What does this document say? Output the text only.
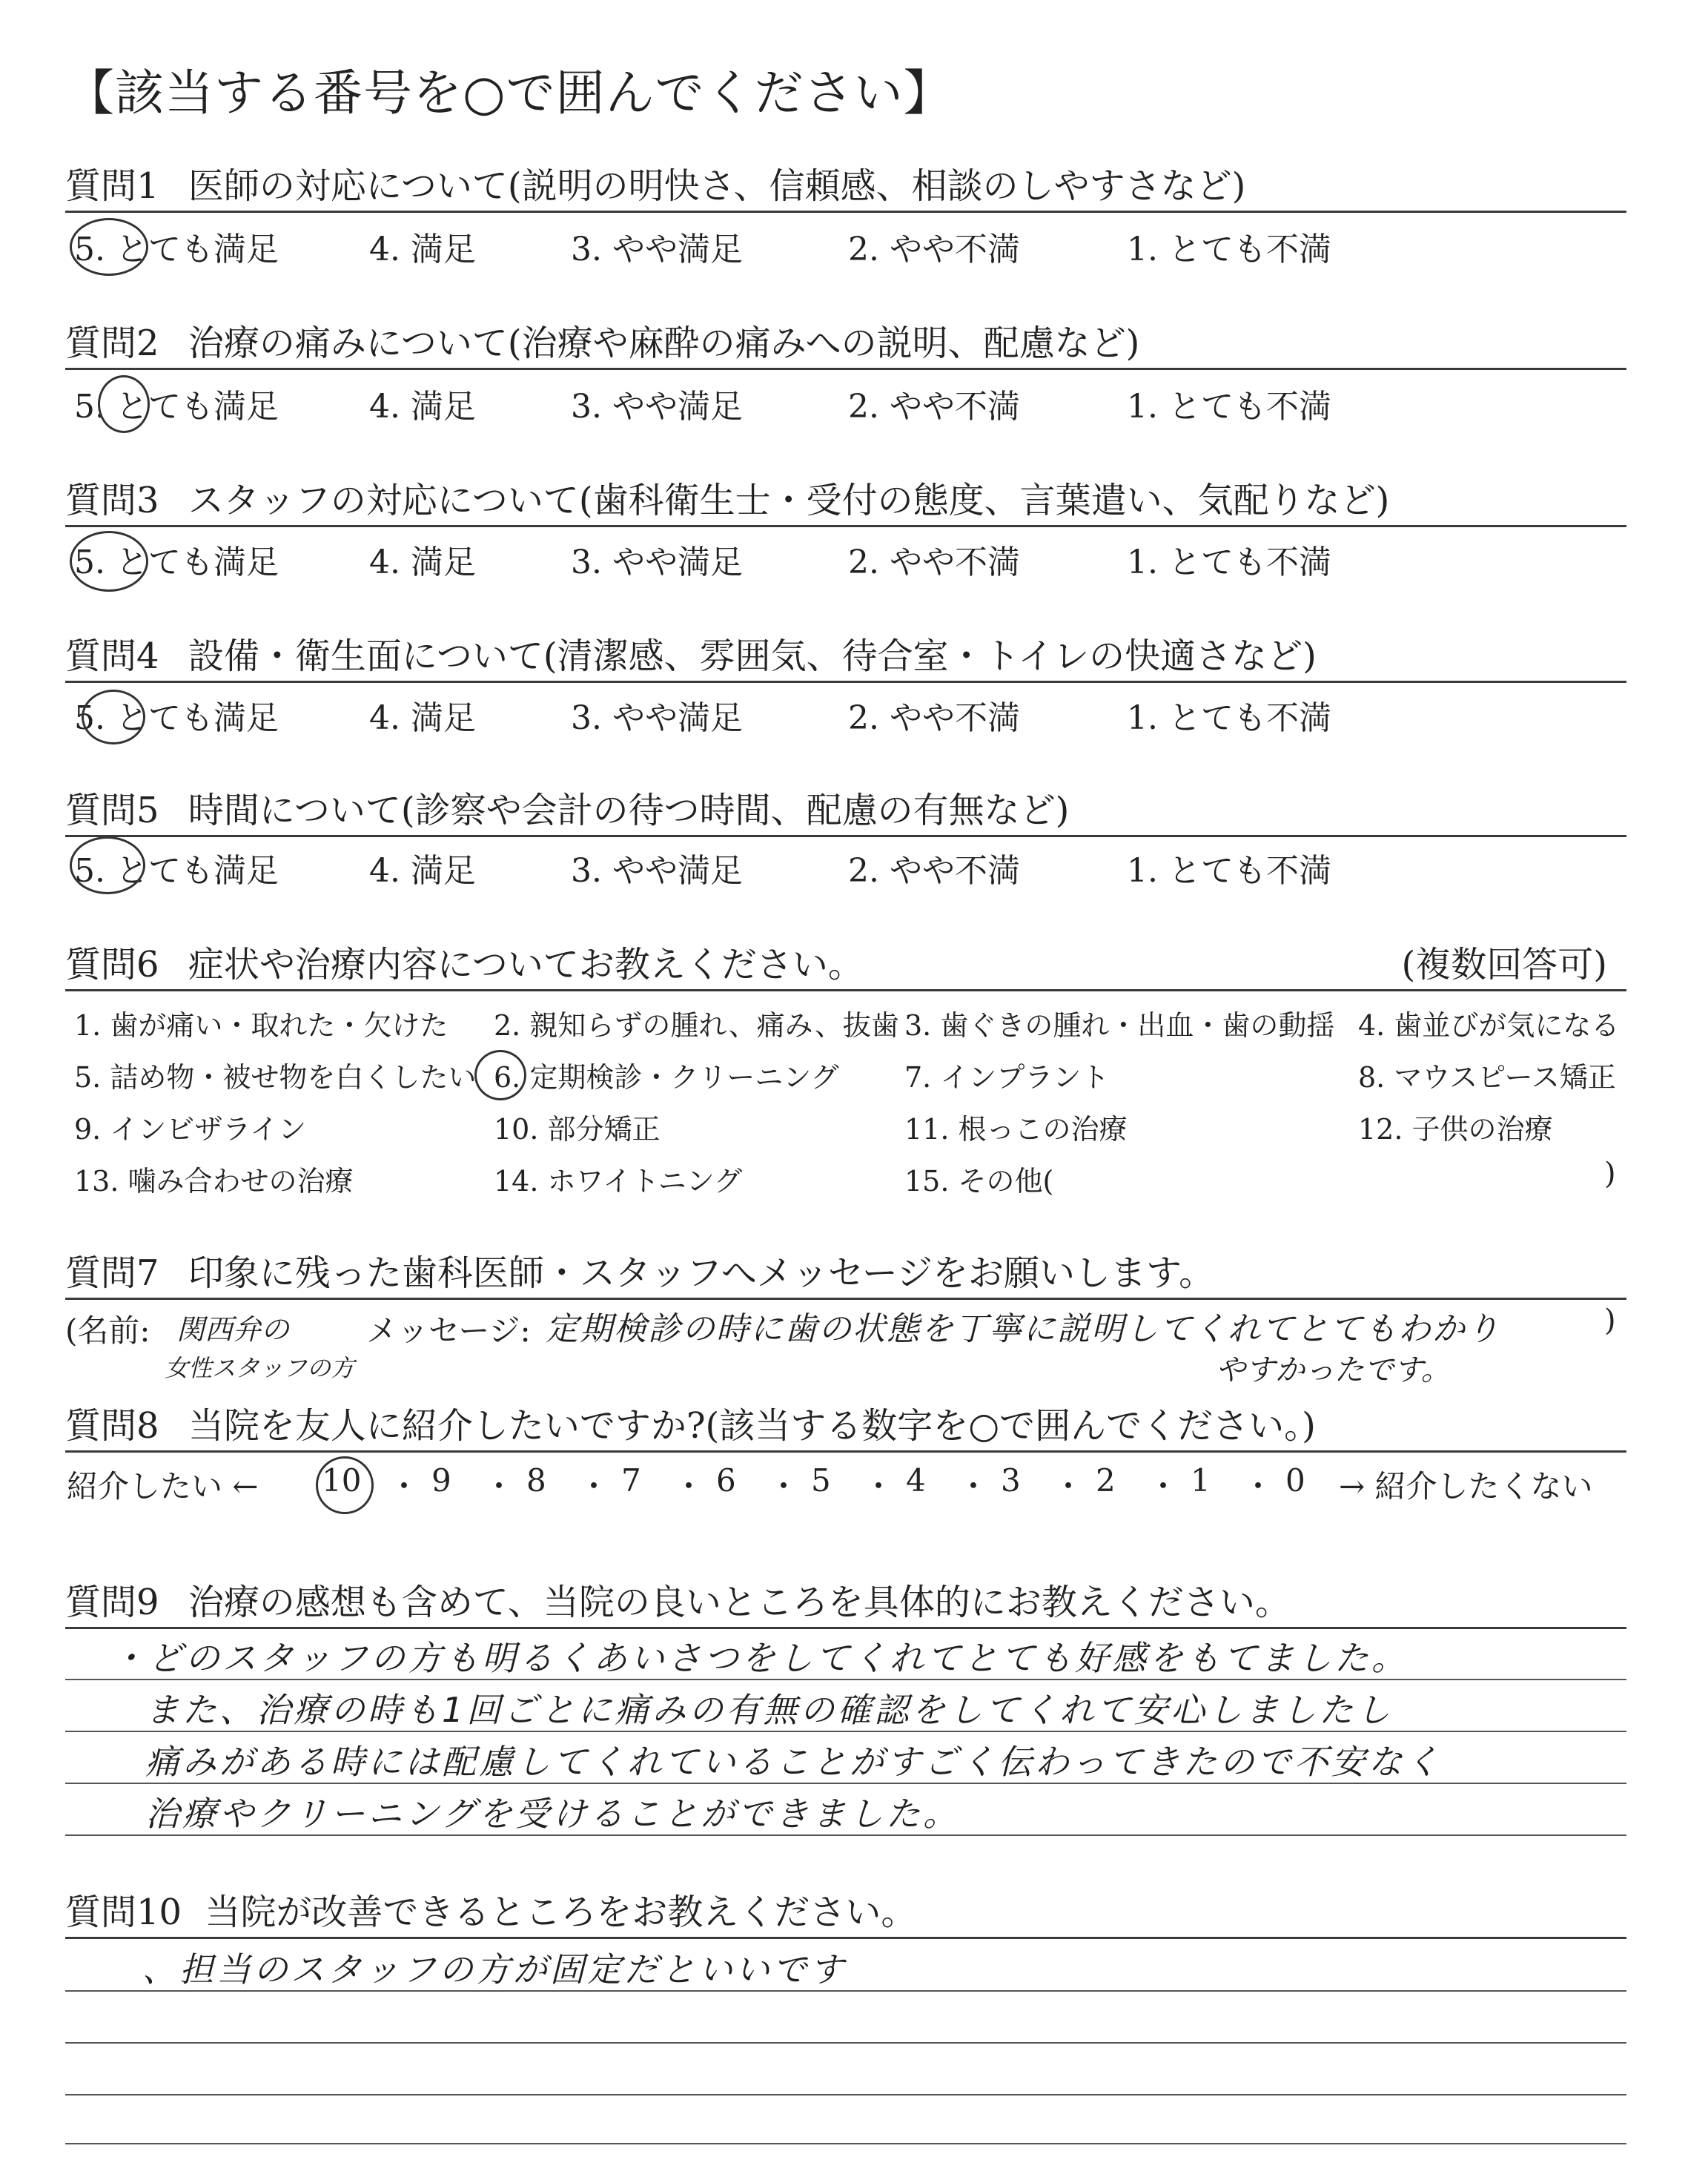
【該当する番号を○で囲んでください】
質問1 医師の対応について(説明の明快さ、信頼感、相談のしやすさなど)
5. とても満足	4. 満足	3. やや満足	2. やや不満	1. とても不満
質問2 治療の痛みについて(治療や麻酔の痛みへの説明、配慮など)
5. とても満足	4. 満足	3. やや満足	2. やや不満	1. とても不満
質問3 スタッフの対応について(歯科衛生士・受付の態度、言葉遣い、気配りなど)
5. とても満足	4. 満足	3. やや満足	2. やや不満	1. とても不満
質問4 設備・衛生面について(清潔感、雰囲気、待合室・トイレの快適さなど)
5. とても満足	4. 満足	3. やや満足	2. やや不満	1. とても不満
質問5 時間について(診察や会計の待つ時間、配慮の有無など)
5. とても満足	4. 満足	3. やや満足	2. やや不満	1. とても不満
質問6 症状や治療内容についてお教えください。	(複数回答可)
1. 歯が痛い・取れた・欠けた 2. 親知らずの腫れ、痛み、抜歯 3. 歯ぐきの腫れ・出血・歯の動揺 4. 歯並びが気になる
5. 詰め物・被せ物を白くしたい 6. 定期検診・クリーニング 7. インプラント	8. マウスピース矯正
9. インビザライン	10. 部分矯正	11. 根っこの治療	12. 子供の治療
13. 噛み合わせの治療	14. ホワイトニング	15. その他(	)
質問7 印象に残った歯科医師・スタッフへメッセージをお願いします。
(名前: 関西弁の
女性スタッフの方
メッセージ: 定期検診の時に歯の状態を丁寧に説明してくれてとてもわかり
やすかったです。
)
質問8 当院を友人に紹介したいですか?(該当する数字を○で囲んでください。)
紹介したい ← 10 ・ 9 ・ 8 ・ 7 ・ 6 ・ 5 ・ 4 ・ 3 ・ 2 ・ 1 ・ 0 → 紹介したくない
質問9 治療の感想も含めて、当院の良いところを具体的にお教えください。
・どのスタッフの方も明るくあいさつをしてくれてとても好感をもてました。
また、治療の時も1回ごとに痛みの有無の確認をしてくれて安心しましたし
痛みがある時には配慮してくれていることがすごく伝わってきたので不安なく
治療やクリーニングを受けることができました。
質問10 当院が改善できるところをお教えください。
、担当のスタッフの方が固定だといいです
